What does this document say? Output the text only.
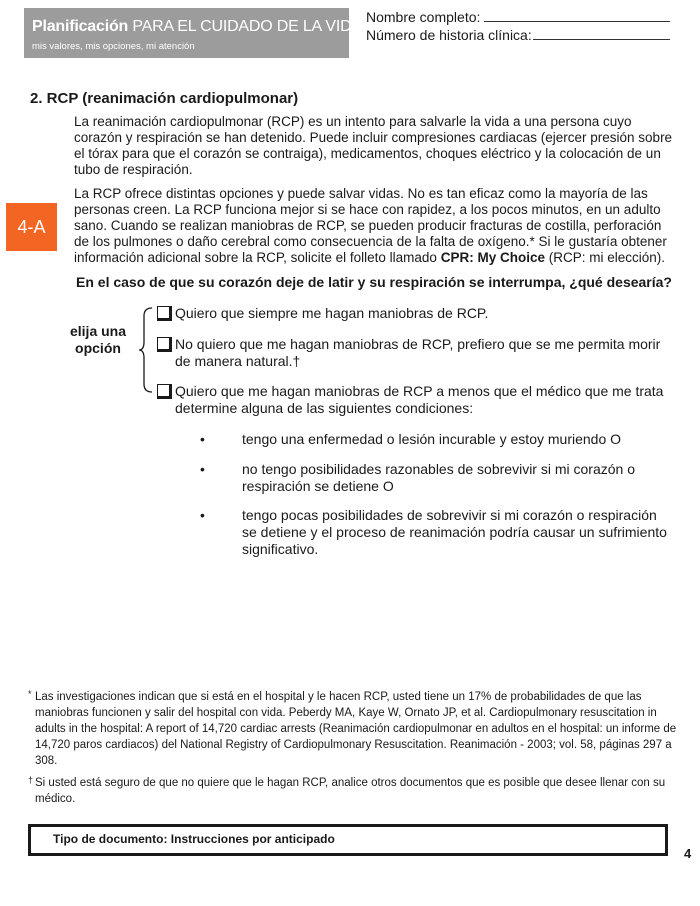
Planificación PARA EL CUIDADO DE LA VIDA
mis valores, mis opciones, mi atención
Nombre completo:
Número de historia clínica:
2. RCP (reanimación cardiopulmonar)
La reanimación cardiopulmonar (RCP) es un intento para salvarle la vida a una persona cuyo corazón y respiración se han detenido. Puede incluir compresiones cardiacas (ejercer presión sobre el tórax para que el corazón se contraiga), medicamentos, choques eléctrico y la colocación de un tubo de respiración.
4-A
La RCP ofrece distintas opciones y puede salvar vidas. No es tan eficaz como la mayoría de las personas creen. La RCP funciona mejor si se hace con rapidez, a los pocos minutos, en un adulto sano. Cuando se realizan maniobras de RCP, se pueden producir fracturas de costilla, perforación de los pulmones o daño cerebral como consecuencia de la falta de oxígeno.* Si le gustaría obtener información adicional sobre la RCP, solicite el folleto llamado CPR: My Choice (RCP: mi elección).
En el caso de que su corazón deje de latir y su respiración se interrumpa, ¿qué desearía?
elija una opción
Quiero que siempre me hagan maniobras de RCP.
No quiero que me hagan maniobras de RCP, prefiero que se me permita morir de manera natural.†
Quiero que me hagan maniobras de RCP a menos que el médico que me trata determine alguna de las siguientes condiciones:
•	tengo una enfermedad o lesión incurable y estoy muriendo O
•	no tengo posibilidades razonables de sobrevivir si mi corazón o respiración se detiene O
•	tengo pocas posibilidades de sobrevivir si mi corazón o respiración se detiene y el proceso de reanimación podría causar un sufrimiento significativo.
* Las investigaciones indican que si está en el hospital y le hacen RCP, usted tiene un 17% de probabilidades de que las maniobras funcionen y salir del hospital con vida. Peberdy MA, Kaye W, Ornato JP, et al. Cardiopulmonary resuscitation in adults in the hospital: A report of 14,720 cardiac arrests (Reanimación cardiopulmonar en adultos en el hospital: un informe de 14,720 paros cardiacos) del National Registry of Cardiopulmonary Resuscitation. Reanimación - 2003; vol. 58, páginas 297 a 308.
† Si usted está seguro de que no quiere que le hagan RCP, analice otros documentos que es posible que desee llenar con su médico.
Tipo de documento: Instrucciones por anticipado
4
